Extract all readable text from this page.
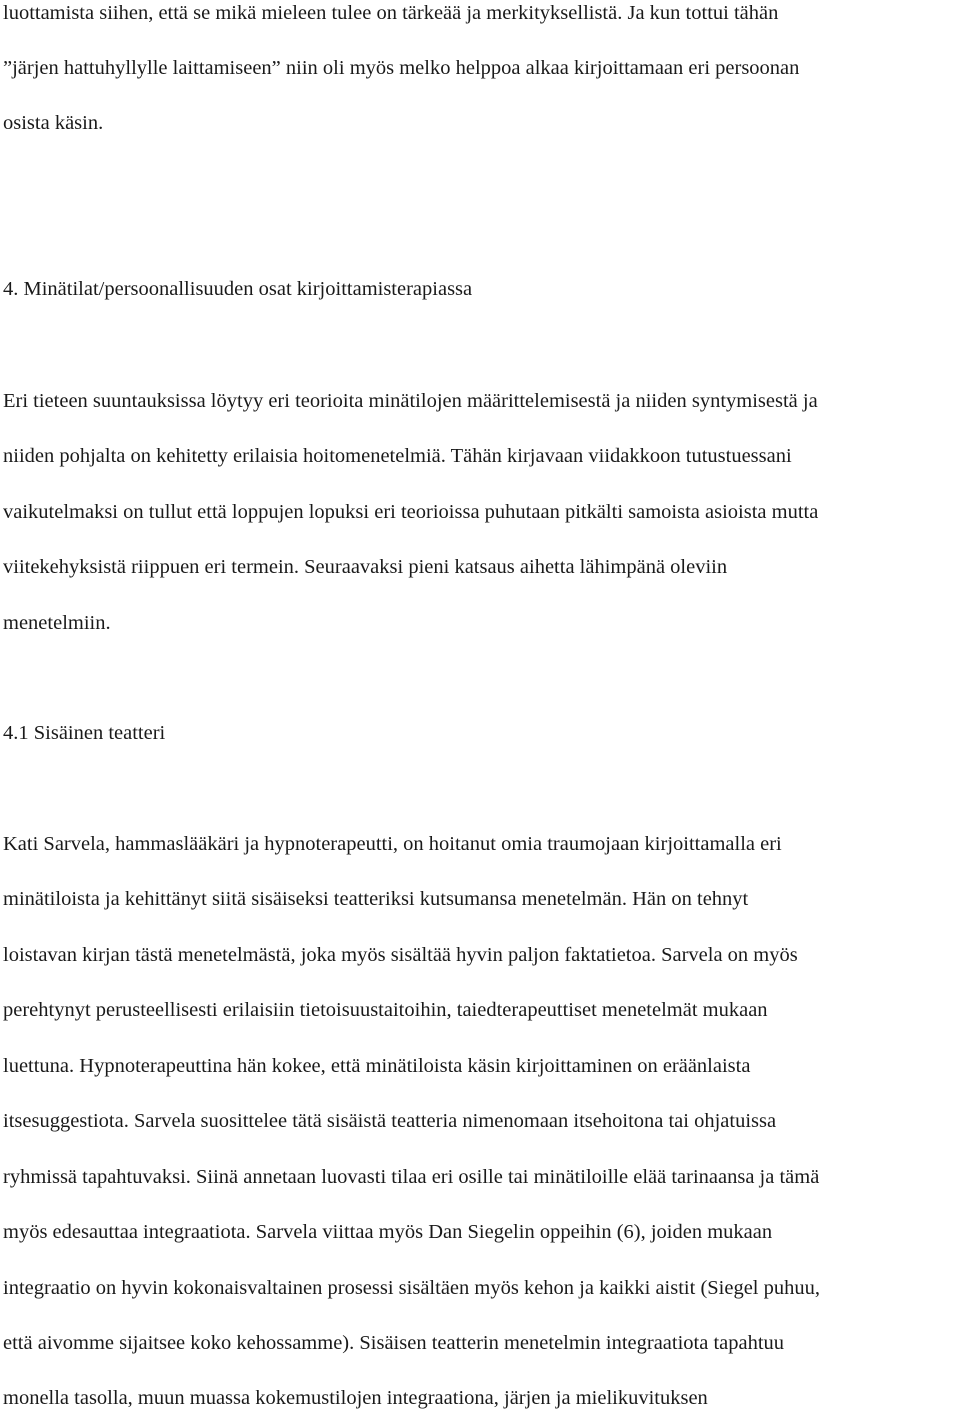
luottamista siihen, että se mikä mieleen tulee on tärkeää ja merkityksellistä. Ja kun tottui tähän
”järjen hattuhyllylle laittamiseen” niin oli myös melko helppoa alkaa kirjoittamaan eri persoonan
osista käsin.
4. Minätilat/persoonallisuuden osat kirjoittamisterapiassa
Eri tieteen suuntauksissa löytyy eri teorioita minätilojen määrittelemisestä ja niiden syntymisestä ja
niiden pohjalta on kehitetty erilaisia hoitomenetelmiä. Tähän kirjavaan viidakkoon tutustuessani
vaikutelmaksi on tullut että loppujen lopuksi eri teorioissa puhutaan pitkälti samoista asioista mutta
viitekehyksistä riippuen eri termein. Seuraavaksi pieni katsaus aihetta lähimpänä oleviin
menetelmiin.
4.1 Sisäinen teatteri
Kati Sarvela, hammaslääkäri ja hypnoterapeutti, on hoitanut omia traumojaan kirjoittamalla eri
minätiloista ja kehittänyt siitä sisäiseksi teatteriksi kutsumansa menetelmän. Hän on tehnyt
loistavan kirjan tästä menetelmästä, joka myös sisältää hyvin paljon faktatietoa. Sarvela on myös
perehtynyt perusteellisesti erilaisiin tietoisuustaitoihin, taiedterapeuttiset menetelmät mukaan
luettuna. Hypnoterapeuttina hän kokee, että minätiloista käsin kirjoittaminen on eräänlaista
itsesuggestiota. Sarvela suosittelee tätä sisäistä teatteria nimenomaan itsehoitona tai ohjatuissa
ryhmissä tapahtuvaksi. Siinä annetaan luovasti tilaa eri osille tai minätiloille elää tarinaansa ja tämä
myös edesauttaa integraatiota. Sarvela viittaa myös Dan Siegelin oppeihin (6), joiden mukaan
integraatio on hyvin kokonaisvaltainen prosessi sisältäen myös kehon ja kaikki aistit (Siegel puhuu,
että aivomme sijaitsee koko kehossamme). Sisäisen teatterin menetelmin integraatiota tapahtuu
monella tasolla, muun muassa kokemustilojen integraationa, järjen ja mielikuvituksen
